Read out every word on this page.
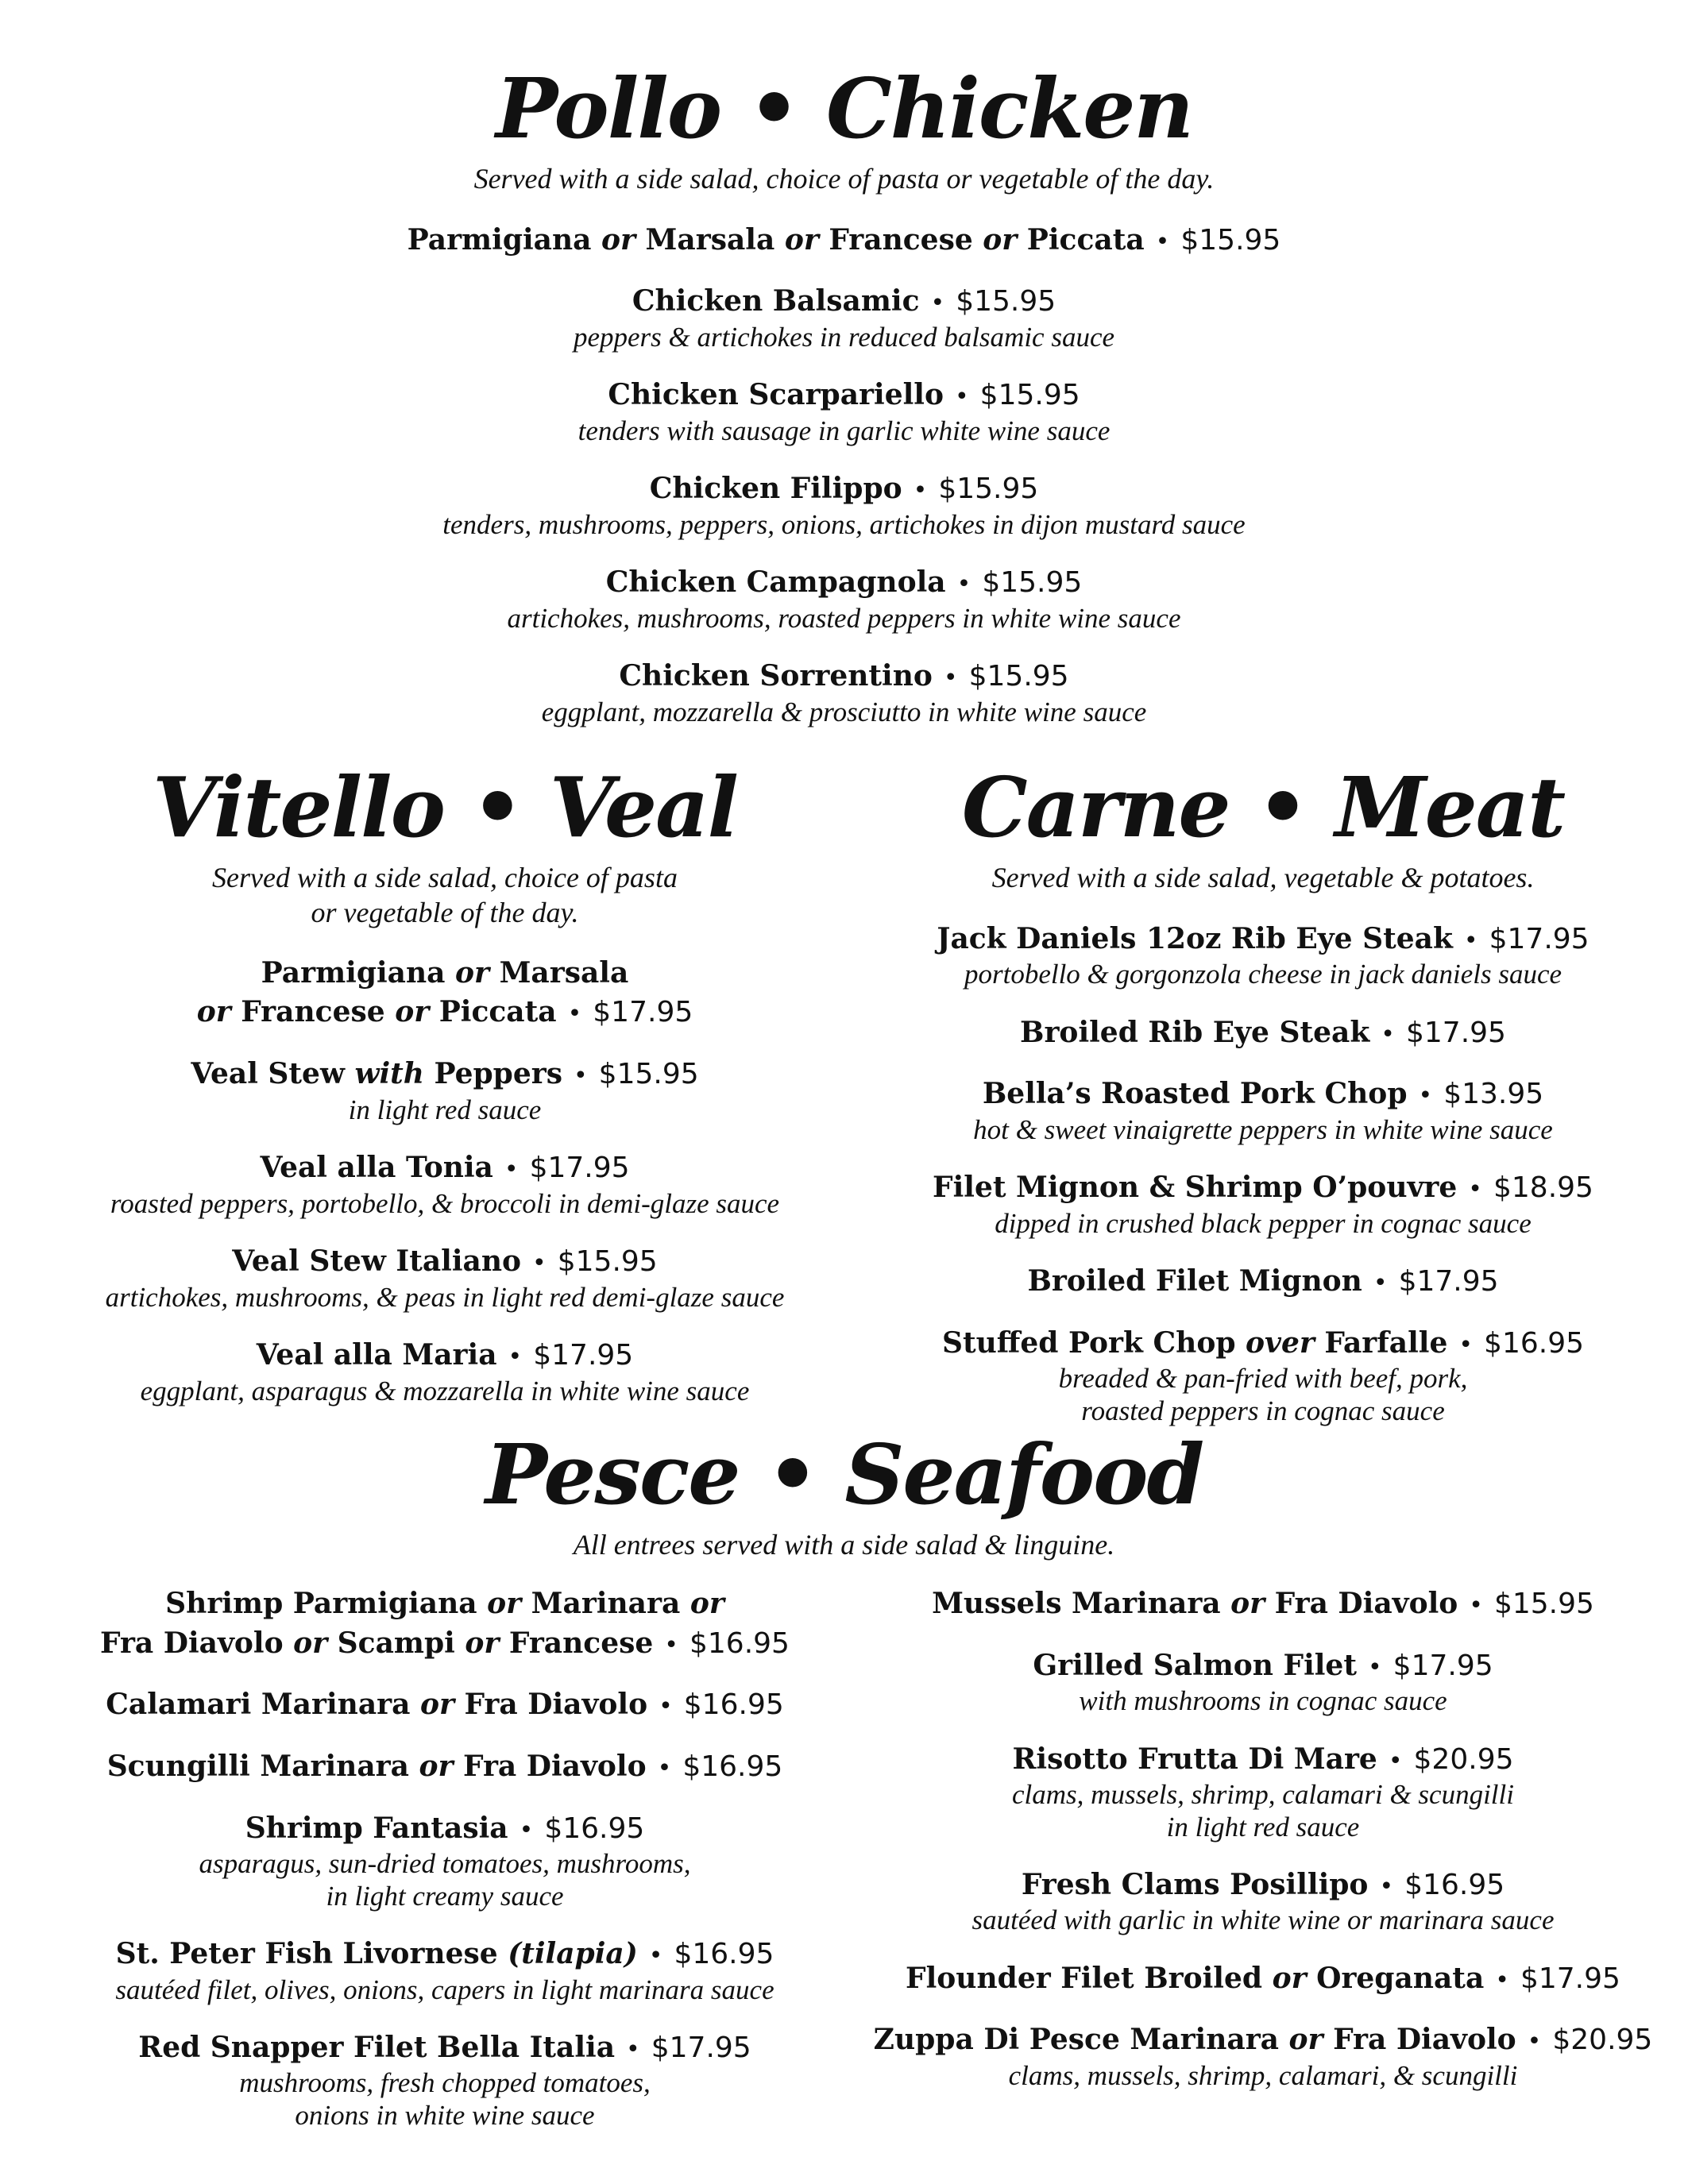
Pollo • Chicken
Served with a side salad, choice of pasta or vegetable of the day.
Parmigiana or Marsala or Francese or Piccata • $15.95
Chicken Balsamic • $15.95
peppers & artichokes in reduced balsamic sauce
Chicken Scarpariello • $15.95
tenders with sausage in garlic white wine sauce
Chicken Filippo • $15.95
tenders, mushrooms, peppers, onions, artichokes in dijon mustard sauce
Chicken Campagnola • $15.95
artichokes, mushrooms, roasted peppers in white wine sauce
Chicken Sorrentino • $15.95
eggplant, mozzarella & prosciutto in white wine sauce
Vitello • Veal
Served with a side salad, choice of pasta
or vegetable of the day.
Parmigiana or Marsala
or Francese or Piccata • $17.95
Veal Stew with Peppers • $15.95
in light red sauce
Veal alla Tonia • $17.95
roasted peppers, portobello, & broccoli in demi-glaze sauce
Veal Stew Italiano • $15.95
artichokes, mushrooms, & peas in light red demi-glaze sauce
Veal alla Maria • $17.95
eggplant, asparagus & mozzarella in white wine sauce
Carne • Meat
Served with a side salad, vegetable & potatoes.
Jack Daniels 12oz Rib Eye Steak • $17.95
portobello & gorgonzola cheese in jack daniels sauce
Broiled Rib Eye Steak • $17.95
Bella’s Roasted Pork Chop • $13.95
hot & sweet vinaigrette peppers in white wine sauce
Filet Mignon & Shrimp O’pouvre • $18.95
dipped in crushed black pepper in cognac sauce
Broiled Filet Mignon • $17.95
Stuffed Pork Chop over Farfalle • $16.95
breaded & pan-fried with beef, pork,
roasted peppers in cognac sauce
Pesce • Seafood
All entrees served with a side salad & linguine.
Shrimp Parmigiana or Marinara or
Fra Diavolo or Scampi or Francese • $16.95
Calamari Marinara or Fra Diavolo • $16.95
Scungilli Marinara or Fra Diavolo • $16.95
Shrimp Fantasia • $16.95
asparagus, sun-dried tomatoes, mushrooms,
in light creamy sauce
St. Peter Fish Livornese (tilapia) • $16.95
sautéed filet, olives, onions, capers in light marinara sauce
Red Snapper Filet Bella Italia • $17.95
mushrooms, fresh chopped tomatoes,
onions in white wine sauce
Mussels Marinara or Fra Diavolo • $15.95
Grilled Salmon Filet • $17.95
with mushrooms in cognac sauce
Risotto Frutta Di Mare • $20.95
clams, mussels, shrimp, calamari & scungilli
in light red sauce
Fresh Clams Posillipo • $16.95
sautéed with garlic in white wine or marinara sauce
Flounder Filet Broiled or Oreganata • $17.95
Zuppa Di Pesce Marinara or Fra Diavolo • $20.95
clams, mussels, shrimp, calamari, & scungilli
